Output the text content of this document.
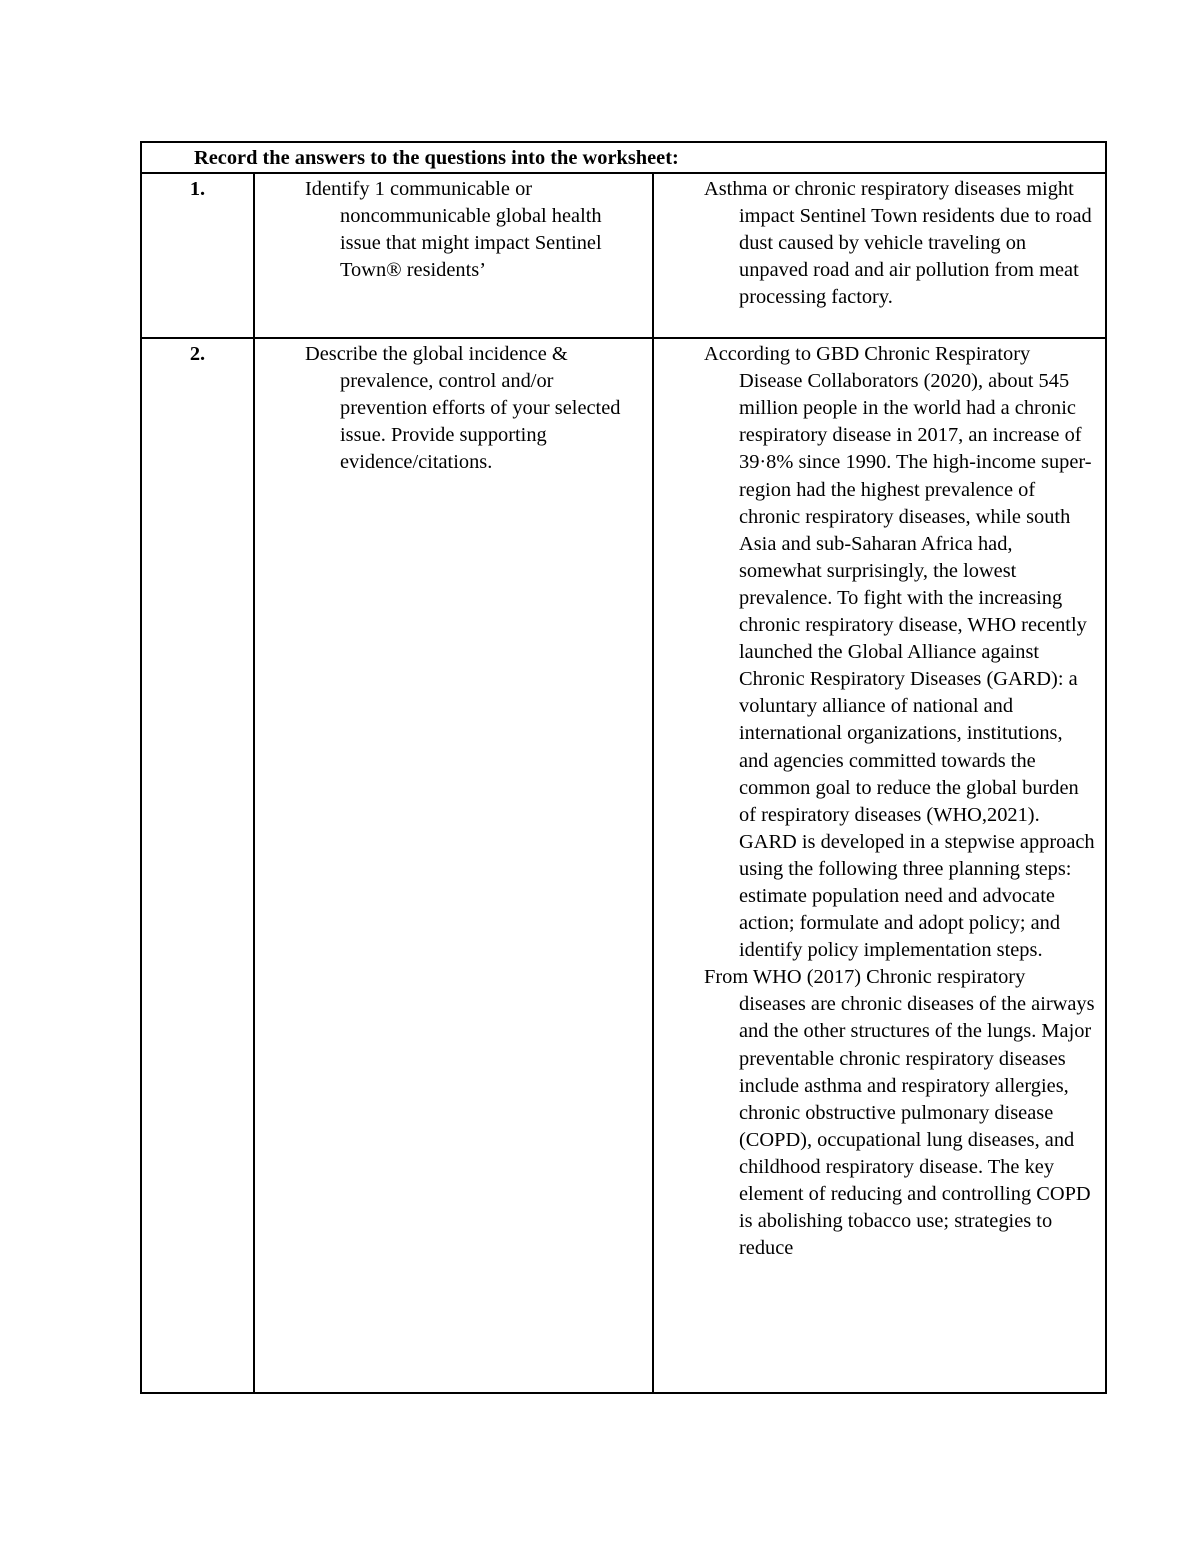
Record the answers to the questions into the worksheet:		
1.	Identify 1 communicable or noncommunicable global health issue that might impact Sentinel Town® residents’	Asthma or chronic respiratory diseases might impact Sentinel Town residents due to road dust caused by vehicle traveling on unpaved road and air pollution from meat processing factory.

2.	Describe the global incidence & prevalence, control and/or prevention efforts of your selected issue. Provide supporting evidence/citations.	According to GBD Chronic Respiratory Disease Collaborators (2020), about 545 million people in the world had a chronic respiratory disease in 2017, an increase of 39·8% since 1990. The high-income super-region had the highest prevalence of chronic respiratory diseases, while south Asia and sub-Saharan Africa had, somewhat surprisingly, the lowest prevalence. To fight with the increasing chronic respiratory disease, WHO recently launched the Global Alliance against Chronic Respiratory Diseases (GARD): a voluntary alliance of national and international organizations, institutions, and agencies committed towards the common goal to reduce the global burden of respiratory diseases (WHO,2021). GARD is developed in a stepwise approach using the following three planning steps: estimate population need and advocate action; formulate and adopt policy; and identify policy implementation steps.

From WHO (2017) Chronic respiratory diseases are chronic diseases of the airways and the other structures of the lungs. Major preventable chronic respiratory diseases include asthma and respiratory allergies, chronic obstructive pulmonary disease (COPD), occupational lung diseases, and childhood respiratory disease. The key element of reducing and controlling COPD is abolishing tobacco use; strategies to reduce
